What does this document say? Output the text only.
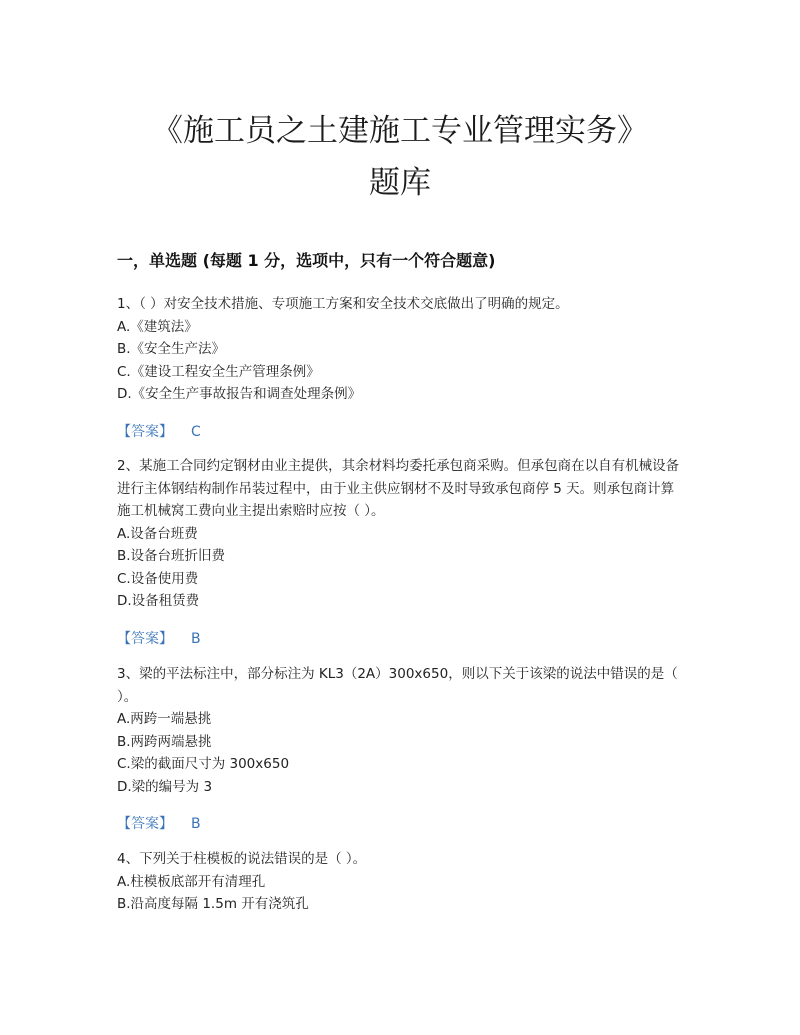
《施工员之土建施工专业管理实务》
题库
一，单选题 (每题 1 分，选项中，只有一个符合题意)

1、（ ）对安全技术措施、专项施工方案和安全技术交底做出了明确的规定。

A.《建筑法》

B.《安全生产法》

C.《建设工程安全生产管理条例》

D.《安全生产事故报告和调查处理条例》

【答案】 C

2、某施工合同约定钢材由业主提供，其余材料均委托承包商采购。但承包商在以自有机械设备进行主体钢结构制作吊装过程中，由于业主供应钢材不及时导致承包商停 5 天。则承包商计算施工机械窝工费向业主提出索赔时应按（ ）。

A.设备台班费

B.设备台班折旧费

C.设备使用费

D.设备租赁费

【答案】 B

3、梁的平法标注中，部分标注为 KL3（2A）300x650，则以下关于该梁的说法中错误的是（ ）。

A.两跨一端悬挑

B.两跨两端悬挑

C.梁的截面尺寸为 300x650

D.梁的编号为 3

【答案】 B

4、下列关于柱模板的说法错误的是（ ）。

A.柱模板底部开有清理孔

B.沿高度每隔 1.5m 开有浇筑孔
